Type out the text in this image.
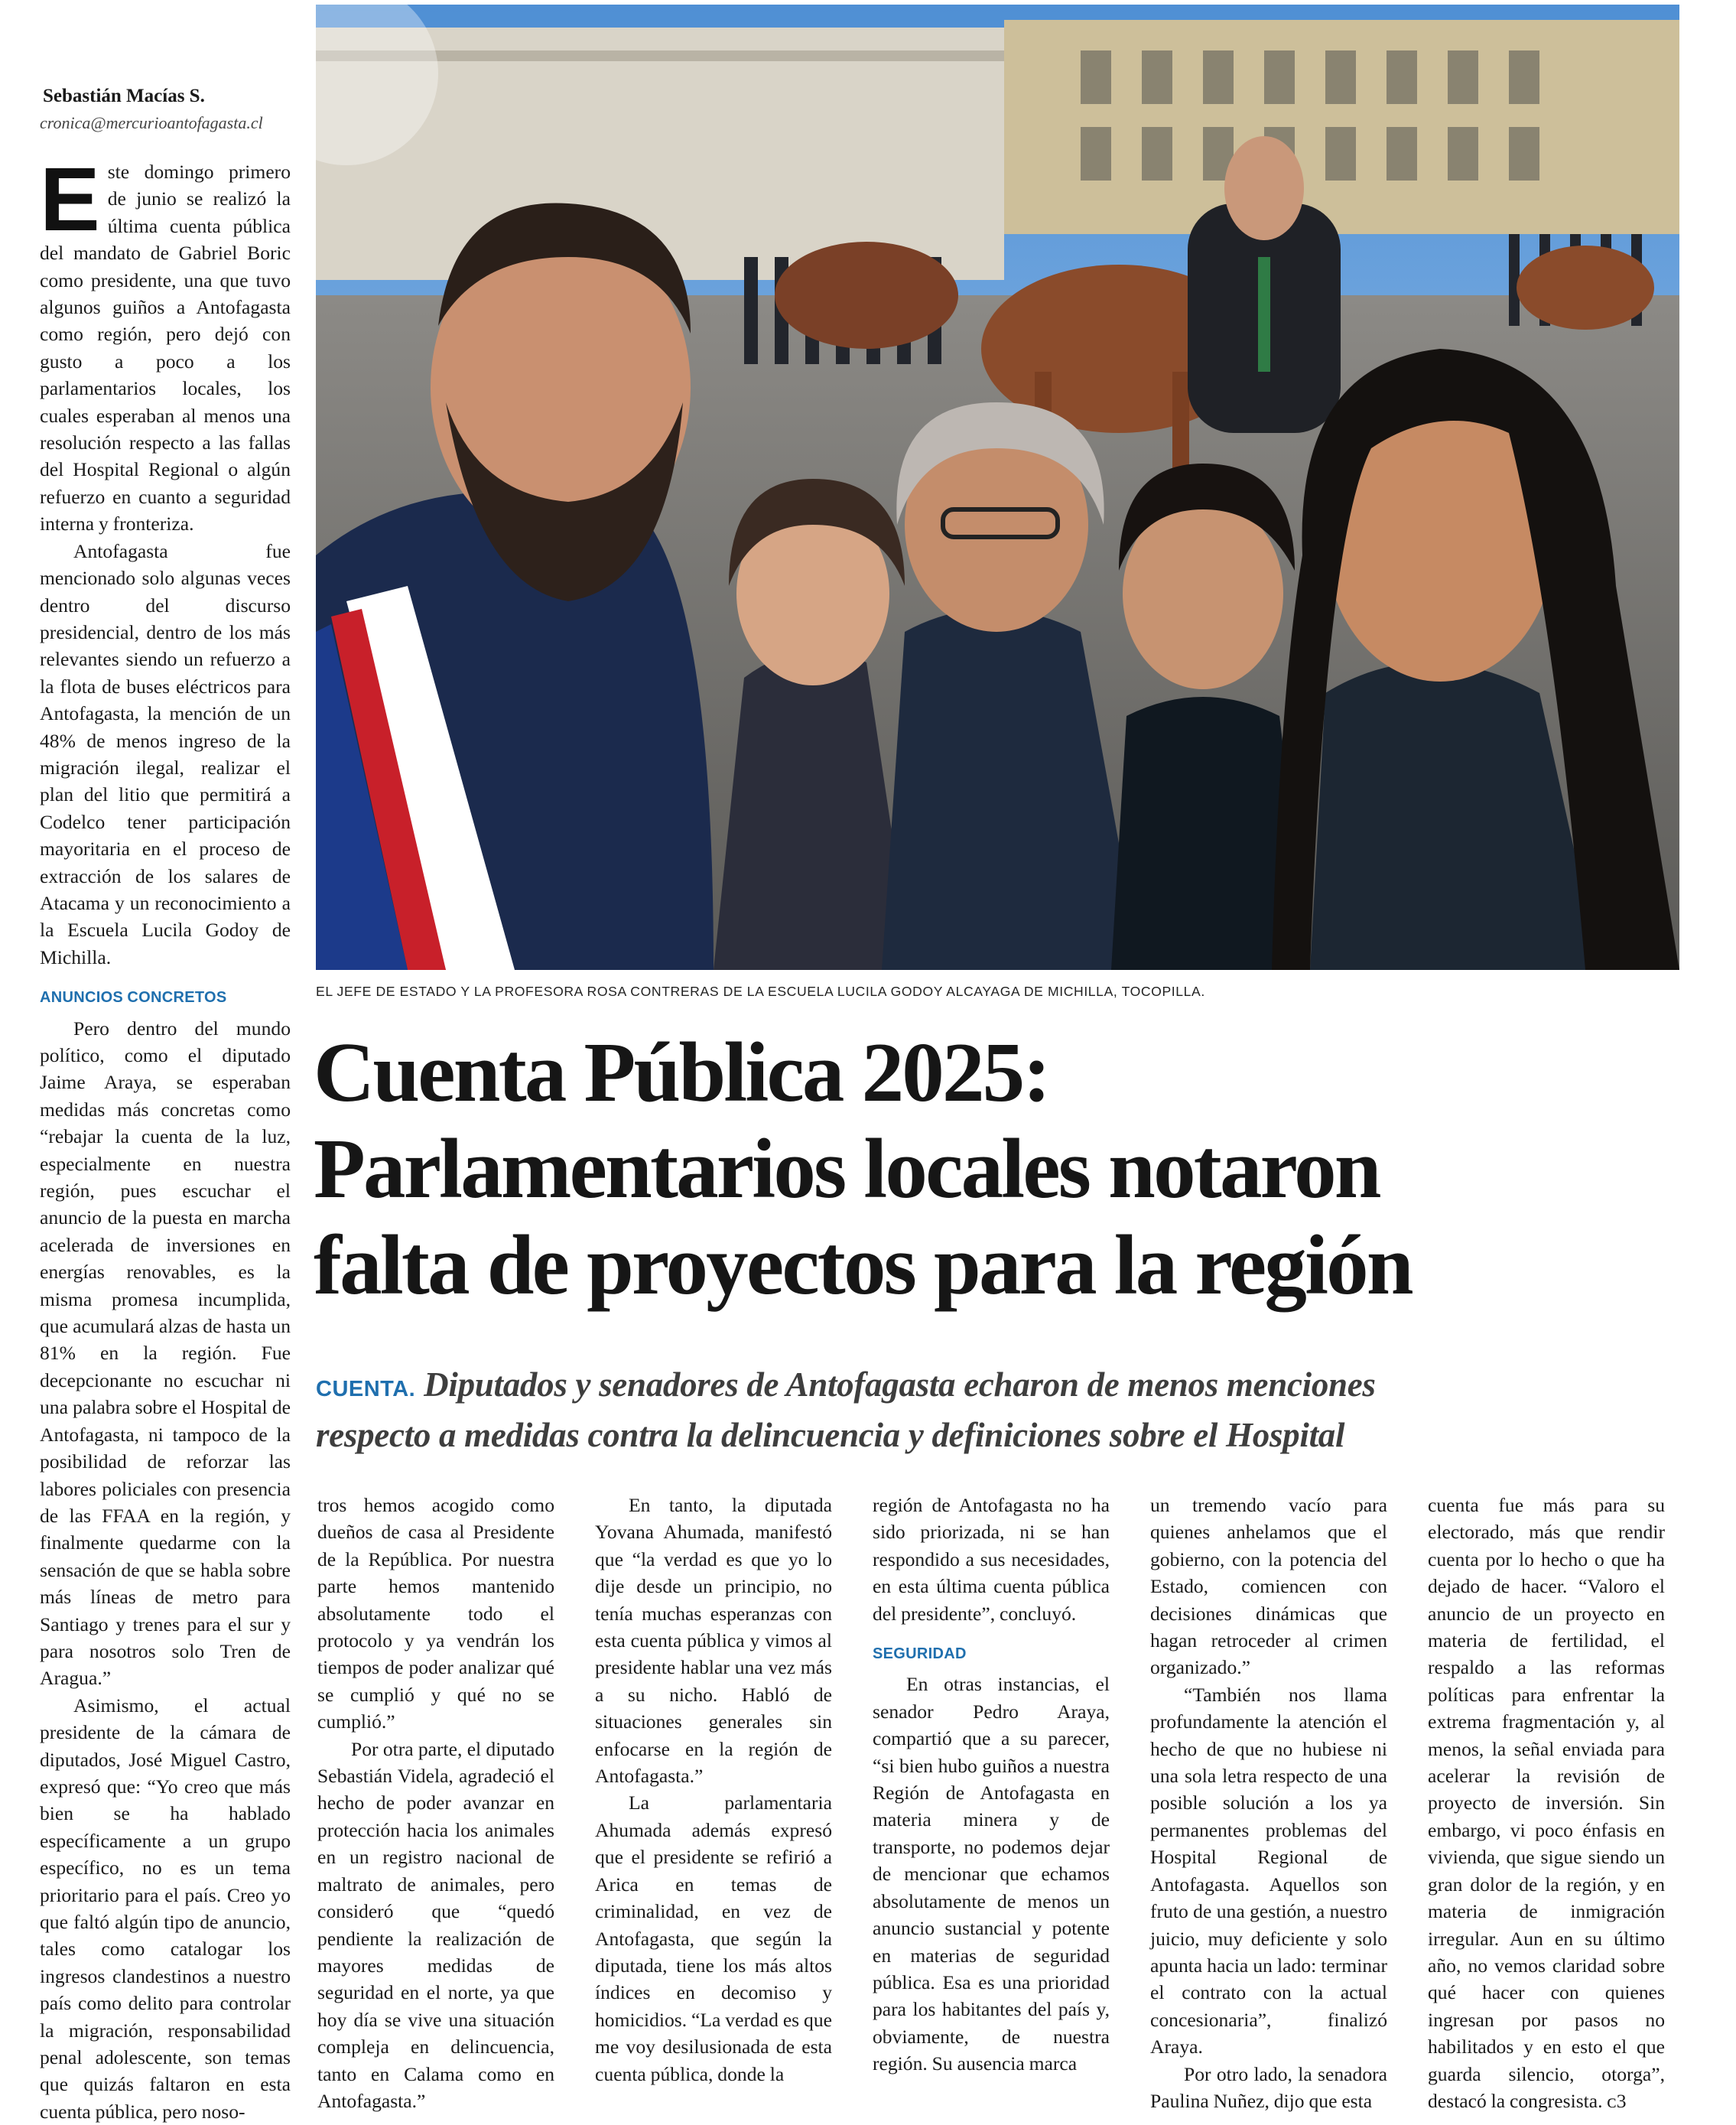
Sebastián Macías S.
cronica@mercurioantofagasta.cl

Este domingo primero de junio se realizó la última cuenta pública del mandato de Gabriel Boric como presidente, una que tuvo algunos guiños a Antofagasta como región, pero dejó con gusto a poco a los parlamentarios locales, los cuales esperaban al menos una resolución respecto a las fallas del Hospital Regional o algún refuerzo en cuanto a seguridad interna y fronteriza.

Antofagasta fue mencionado solo algunas veces dentro del discurso presidencial, dentro de los más relevantes siendo un refuerzo a la flota de buses eléctricos para Antofagasta, la mención de un 48% de menos ingreso de la migración ilegal, realizar el plan del litio que permitirá a Codelco tener participación mayoritaria en el proceso de extracción de los salares de Atacama y un reconocimiento a la Escuela Lucila Godoy de Michilla.

ANUNCIOS CONCRETOS

Pero dentro del mundo político, como el diputado Jaime Araya, se esperaban medidas más concretas como “rebajar la cuenta de la luz, especialmente en nuestra región, pues escuchar el anuncio de la puesta en marcha acelerada de inversiones en energías renovables, es la misma promesa incumplida, que acumulará alzas de hasta un 81% en la región. Fue decepcionante no escuchar ni una palabra sobre el Hospital de Antofagasta, ni tampoco de la posibilidad de reforzar las labores policiales con presencia de las FFAA en la región, y finalmente quedarme con la sensación de que se habla sobre más líneas de metro para Santiago y trenes para el sur y para nosotros solo Tren de Aragua.”

Asimismo, el actual presidente de la cámara de diputados, José Miguel Castro, expresó que: “Yo creo que más bien se ha hablado específicamente a un grupo específico, no es un tema prioritario para el país. Creo yo que faltó algún tipo de anuncio, tales como catalogar los ingresos clandestinos a nuestro país como delito para controlar la migración, responsabilidad penal adolescente, son temas que quizás faltaron en esta cuenta pública, pero noso-

EL JEFE DE ESTADO Y LA PROFESORA ROSA CONTRERAS DE LA ESCUELA LUCILA GODOY ALCAYAGA DE MICHILLA, TOCOPILLA.
Cuenta Pública 2025:
Parlamentarios locales notaron
falta de proyectos para la región
CUENTA. Diputados y senadores de Antofagasta echaron de menos menciones
respecto a medidas contra la delincuencia y definiciones sobre el Hospital

tros hemos acogido como dueños de casa al Presidente de la República. Por nuestra parte hemos mantenido absolutamente todo el protocolo y ya vendrán los tiempos de poder analizar qué se cumplió y qué no se cumplió.”

Por otra parte, el diputado Sebastián Videla, agradeció el hecho de poder avanzar en protección hacia los animales en un registro nacional de maltrato de animales, pero consideró que “quedó pendiente la realización de mayores medidas de seguridad en el norte, ya que hoy día se vive una situación compleja en delincuencia, tanto en Calama como en Antofagasta.”

En tanto, la diputada Yovana Ahumada, manifestó que “la verdad es que yo lo dije desde un principio, no tenía muchas esperanzas con esta cuenta pública y vimos al presidente hablar una vez más a su nicho. Habló de situaciones generales sin enfocarse en la región de Antofagasta.”

La parlamentaria Ahumada además expresó que el presidente se refirió a Arica en temas de criminalidad, en vez de Antofagasta, que según la diputada, tiene los más altos índices en decomiso y homicidios. “La verdad es que me voy desilusionada de esta cuenta pública, donde la

región de Antofagasta no ha sido priorizada, ni se han respondido a sus necesidades, en esta última cuenta pública del presidente”, concluyó.

SEGURIDAD

En otras instancias, el senador Pedro Araya, compartió que a su parecer, “si bien hubo guiños a nuestra Región de Antofagasta en materia minera y de transporte, no podemos dejar de mencionar que echamos absolutamente de menos un anuncio sustancial y potente en materias de seguridad pública. Esa es una prioridad para los habitantes del país y, obviamente, de nuestra región. Su ausencia marca

un tremendo vacío para quienes anhelamos que el gobierno, con la potencia del Estado, comiencen con decisiones dinámicas que hagan retroceder al crimen organizado.”

“También nos llama profundamente la atención el hecho de que no hubiese ni una sola letra respecto de una posible solución a los ya permanentes problemas del Hospital Regional de Antofagasta. Aquellos son fruto de una gestión, a nuestro juicio, muy deficiente y solo apunta hacia un lado: terminar el contrato con la actual concesionaria”, finalizó Araya.

Por otro lado, la senadora Paulina Nuñez, dijo que esta

cuenta fue más para su electorado, más que rendir cuenta por lo hecho o que ha dejado de hacer. “Valoro el anuncio de un proyecto en materia de fertilidad, el respaldo a las reformas políticas para enfrentar la extrema fragmentación y, al menos, la señal enviada para acelerar la revisión de proyecto de inversión. Sin embargo, vi poco énfasis en vivienda, que sigue siendo un gran dolor de la región, y en materia de inmigración irregular. Aun en su último año, no vemos claridad sobre qué hacer con quienes ingresan por pasos no habilitados y en esto el que guarda silencio, otorga”, destacó la congresista. ᴄ3
